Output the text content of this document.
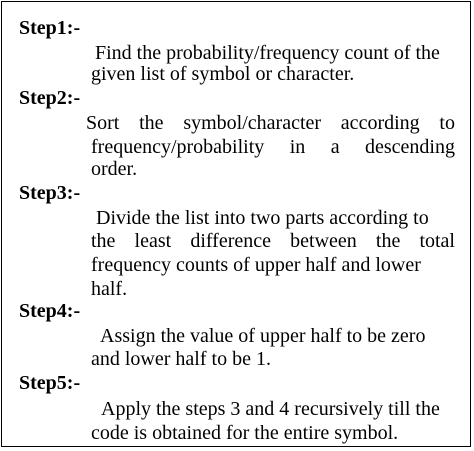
Step1:-
Find the probability/frequency count of the
given list of symbol or character.
Step2:-
Sort the symbol/character according to
frequency/probability in a descending
order.
Step3:-
Divide the list into two parts according to
the least difference between the total
frequency counts of upper half and lower
half.
Step4:-
Assign the value of upper half to be zero
and lower half to be 1.
Step5:-
Apply the steps 3 and 4 recursively till the
code is obtained for the entire symbol.
